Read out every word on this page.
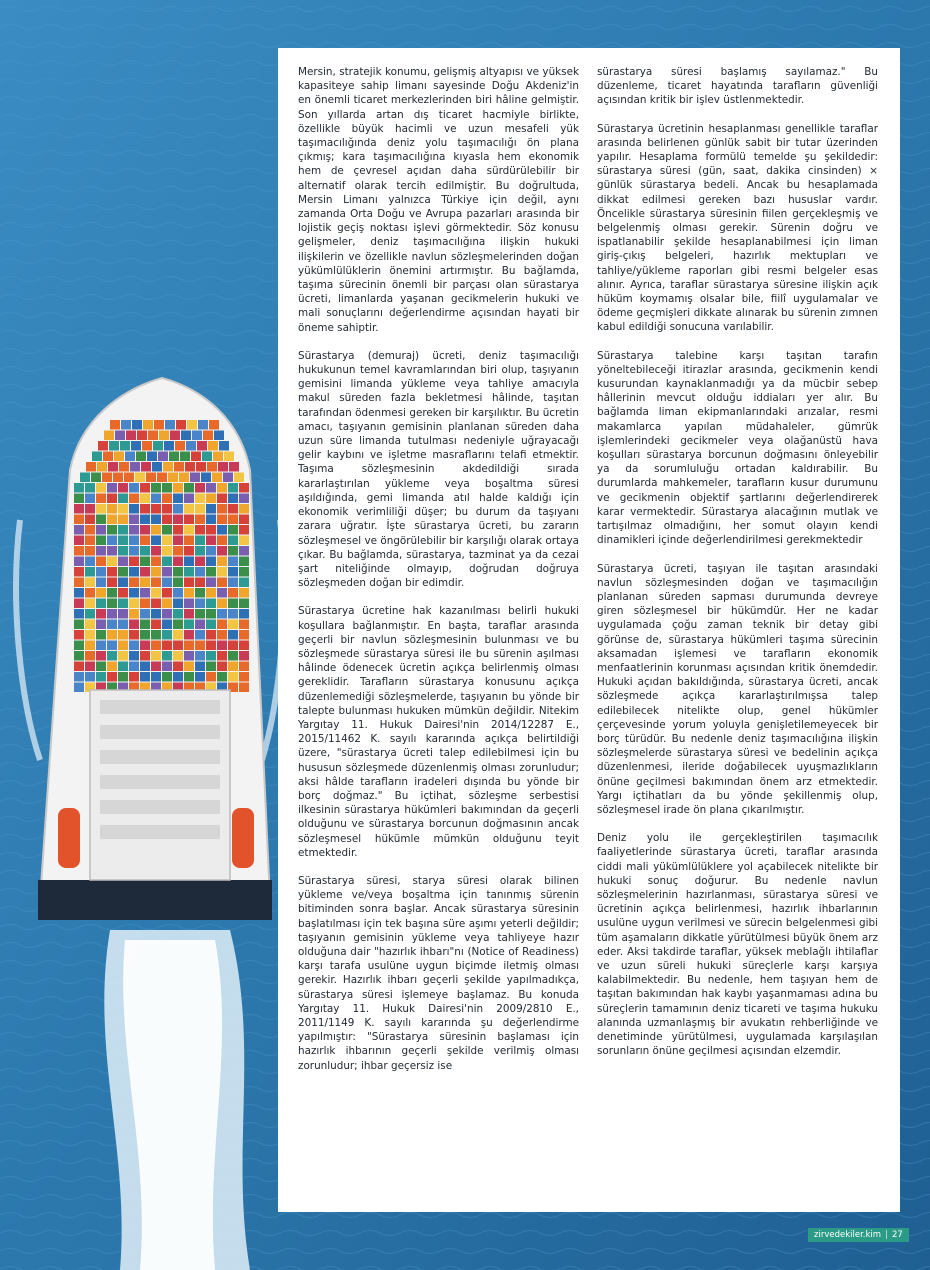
Mersin, stratejik konumu, gelişmiş altyapısı ve yüksek kapasiteye sahip limanı sayesinde Doğu Akdeniz'in en önemli ticaret merkezlerinden biri hâline gelmiştir. Son yıllarda artan dış ticaret hacmiyle birlikte, özellikle büyük hacimli ve uzun mesafeli yük taşımacılığında deniz yolu taşımacılığı ön plana çıkmış; kara taşımacılığına kıyasla hem ekonomik hem de çevresel açıdan daha sürdürülebilir bir alternatif olarak tercih edilmiştir. Bu doğrultuda, Mersin Limanı yalnızca Türkiye için değil, aynı zamanda Orta Doğu ve Avrupa pazarları arasında bir lojistik geçiş noktası işlevi görmektedir. Söz konusu gelişmeler, deniz taşımacılığına ilişkin hukuki ilişkilerin ve özellikle navlun sözleşmelerinden doğan yükümlülüklerin önemini artırmıştır. Bu bağlamda, taşıma sürecinin önemli bir parçası olan sürastarya ücreti, limanlarda yaşanan gecikmelerin hukuki ve mali sonuçlarını değerlendirme açısından hayati bir öneme sahiptir.

Sürastarya (demuraj) ücreti, deniz taşımacılığı hukukunun temel kavramlarından biri olup, taşıyanın gemisini limanda yükleme veya tahliye amacıyla makul süreden fazla bekletmesi hâlinde, taşıtan tarafından ödenmesi gereken bir karşılıktır. Bu ücretin amacı, taşıyanın gemisinin planlanan süreden daha uzun süre limanda tutulması nedeniyle uğrayacağı gelir kaybını ve işletme masraflarını telafi etmektir. Taşıma sözleşmesinin akdedildiği sırada kararlaştırılan yükleme veya boşaltma süresi aşıldığında, gemi limanda atıl halde kaldığı için ekonomik verimliliği düşer; bu durum da taşıyanı zarara uğratır. İşte sürastarya ücreti, bu zararın sözleşmesel ve öngörülebilir bir karşılığı olarak ortaya çıkar. Bu bağlamda, sürastarya, tazminat ya da cezai şart niteliğinde olmayıp, doğrudan doğruya sözleşmeden doğan bir edimdir.

Sürastarya ücretine hak kazanılması belirli hukuki koşullara bağlanmıştır. En başta, taraflar arasında geçerli bir navlun sözleşmesinin bulunması ve bu sözleşmede sürastarya süresi ile bu sürenin aşılması hâlinde ödenecek ücretin açıkça belirlenmiş olması gereklidir. Tarafların sürastarya konusunu açıkça düzenlemediği sözleşmelerde, taşıyanın bu yönde bir talepte bulunması hukuken mümkün değildir. Nitekim Yargıtay 11. Hukuk Dairesi'nin 2014/12287 E., 2015/11462 K. sayılı kararında açıkça belirtildiği üzere, "sürastarya ücreti talep edilebilmesi için bu hususun sözleşmede düzenlenmiş olması zorunludur; aksi hâlde tarafların iradeleri dışında bu yönde bir borç doğmaz." Bu içtihat, sözleşme serbestisi ilkesinin sürastarya hükümleri bakımından da geçerli olduğunu ve sürastarya borcunun doğmasının ancak sözleşmesel hükümle mümkün olduğunu teyit etmektedir.

Sürastarya süresi, starya süresi olarak bilinen yükleme ve/veya boşaltma için tanınmış sürenin bitiminden sonra başlar. Ancak sürastarya süresinin başlatılması için tek başına süre aşımı yeterli değildir; taşıyanın gemisinin yükleme veya tahliyeye hazır olduğuna dair "hazırlık ihbarı"nı (Notice of Readiness) karşı tarafa usulüne uygun biçimde iletmiş olması gerekir. Hazırlık ihbarı geçerli şekilde yapılmadıkça, sürastarya süresi işlemeye başlamaz. Bu konuda Yargıtay 11. Hukuk Dairesi'nin 2009/2810 E., 2011/1149 K. sayılı kararında şu değerlendirme yapılmıştır: "Sürastarya süresinin başlaması için hazırlık ihbarının geçerli şekilde verilmiş olması zorunludur; ihbar geçersiz ise

sürastarya süresi başlamış sayılamaz." Bu düzenleme, ticaret hayatında tarafların güvenliği açısından kritik bir işlev üstlenmektedir.

Sürastarya ücretinin hesaplanması genellikle taraflar arasında belirlenen günlük sabit bir tutar üzerinden yapılır. Hesaplama formülü temelde şu şekildedir: sürastarya süresi (gün, saat, dakika cinsinden) × günlük sürastarya bedeli. Ancak bu hesaplamada dikkat edilmesi gereken bazı hususlar vardır. Öncelikle sürastarya süresinin fiilen gerçekleşmiş ve belgelenmiş olması gerekir. Sürenin doğru ve ispatlanabilir şekilde hesaplanabilmesi için liman giriş-çıkış belgeleri, hazırlık mektupları ve tahliye/yükleme raporları gibi resmi belgeler esas alınır. Ayrıca, taraflar sürastarya süresine ilişkin açık hüküm koymamış olsalar bile, fiilî uygulamalar ve ödeme geçmişleri dikkate alınarak bu sürenin zımnen kabul edildiği sonucuna varılabilir.

Sürastarya talebine karşı taşıtan tarafın yöneltebileceği itirazlar arasında, gecikmenin kendi kusurundan kaynaklanmadığı ya da mücbir sebep hâllerinin mevcut olduğu iddiaları yer alır. Bu bağlamda liman ekipmanlarındaki arızalar, resmi makamlarca yapılan müdahaleler, gümrük işlemlerindeki gecikmeler veya olağanüstü hava koşulları sürastarya borcunun doğmasını önleyebilir ya da sorumluluğu ortadan kaldırabilir. Bu durumlarda mahkemeler, tarafların kusur durumunu ve gecikmenin objektif şartlarını değerlendirerek karar vermektedir. Sürastarya alacağının mutlak ve tartışılmaz olmadığını, her somut olayın kendi dinamikleri içinde değerlendirilmesi gerekmektedir

Sürastarya ücreti, taşıyan ile taşıtan arasındaki navlun sözleşmesinden doğan ve taşımacılığın planlanan süreden sapması durumunda devreye giren sözleşmesel bir hükümdür. Her ne kadar uygulamada çoğu zaman teknik bir detay gibi görünse de, sürastarya hükümleri taşıma sürecinin aksamadan işlemesi ve tarafların ekonomik menfaatlerinin korunması açısından kritik önemdedir. Hukuki açıdan bakıldığında, sürastarya ücreti, ancak sözleşmede açıkça kararlaştırılmışsa talep edilebilecek nitelikte olup, genel hükümler çerçevesinde yorum yoluyla genişletilemeyecek bir borç türüdür. Bu nedenle deniz taşımacılığına ilişkin sözleşmelerde sürastarya süresi ve bedelinin açıkça düzenlenmesi, ileride doğabilecek uyuşmazlıkların önüne geçilmesi bakımından önem arz etmektedir. Yargı içtihatları da bu yönde şekillenmiş olup, sözleşmesel irade ön plana çıkarılmıştır.

Deniz yolu ile gerçekleştirilen taşımacılık faaliyetlerinde sürastarya ücreti, taraflar arasında ciddi mali yükümlülüklere yol açabilecek nitelikte bir hukuki sonuç doğurur. Bu nedenle navlun sözleşmelerinin hazırlanması, sürastarya süresi ve ücretinin açıkça belirlenmesi, hazırlık ihbarlarının usulüne uygun verilmesi ve sürecin belgelenmesi gibi tüm aşamaların dikkatle yürütülmesi büyük önem arz eder. Aksi takdirde taraflar, yüksek meblağlı ihtilaflar ve uzun süreli hukuki süreçlerle karşı karşıya kalabilmektedir. Bu nedenle, hem taşıyan hem de taşıtan bakımından hak kaybı yaşanmaması adına bu süreçlerin tamamının deniz ticareti ve taşıma hukuku alanında uzmanlaşmış bir avukatın rehberliğinde ve denetiminde yürütülmesi, uygulamada karşılaşılan sorunların önüne geçilmesi açısından elzemdir.

zirvedekiler.kim | 27
